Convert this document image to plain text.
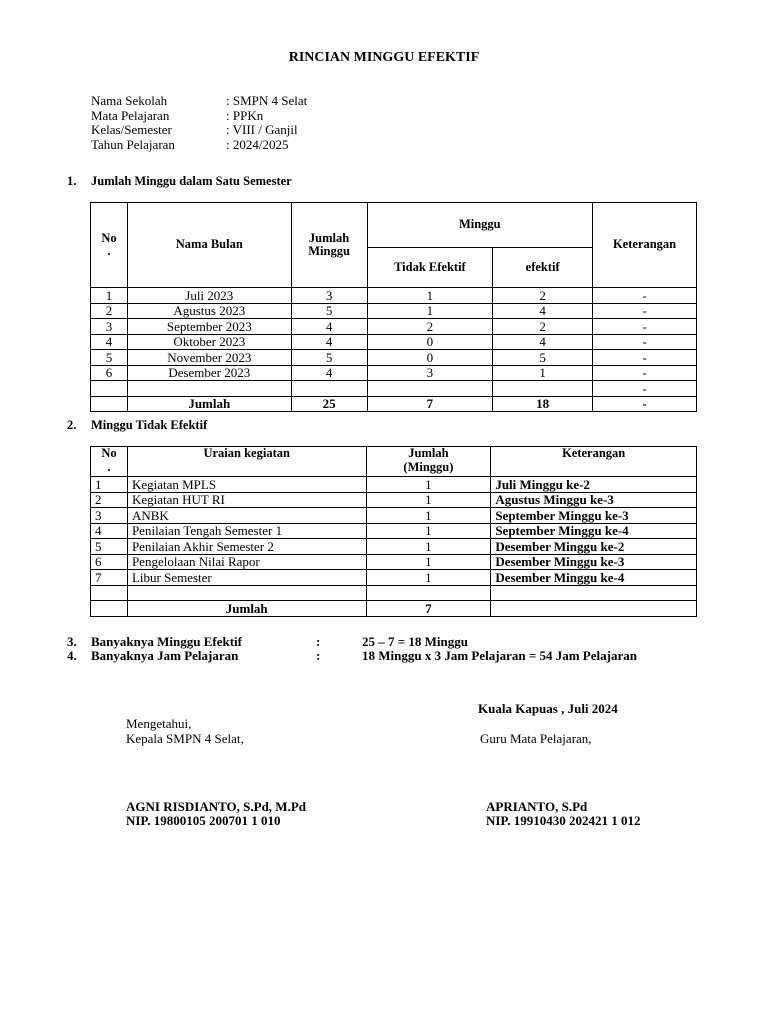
RINCIAN MINGGU EFEKTIF
Nama Sekolah	: SMPN 4 Selat
Mata Pelajaran	: PPKn
Kelas/Semester	: VIII / Ganjil
Tahun Pelajaran	: 2024/2025
1. Jumlah Minggu dalam Satu Semester
No
.	Nama Bulan	Jumlah Minggu	Minggu		Keterangan
			Tidak Efektif	efektif	
1	Juli 2023	3	1	2	-
2	Agustus 2023	5	1	4	-
3	September 2023	4	2	2	-
4	Oktober 2023	4	0	4	-
5	November 2023	5	0	5	-
6	Desember 2023	4	3	1	-
					-
	Jumlah	25	7	18	-
2. Minggu Tidak Efektif
No
.	Uraian kegiatan	Jumlah
(Minggu)	Keterangan
1	Kegiatan MPLS	1	Juli Minggu ke-2
2	Kegiatan HUT RI	1	Agustus Minggu ke-3
3	ANBK	1	September Minggu ke-3
4	Penilaian Tengah Semester 1	1	September Minggu ke-4
5	Penilaian Akhir Semester 2	1	Desember Minggu ke-2
6	Pengelolaan Nilai Rapor	1	Desember Minggu ke-3
7	Libur Semester	1	Desember Minggu ke-4

	Jumlah	7	
3. Banyaknya Minggu Efektif	:	25 – 7 = 18 Minggu
4. Banyaknya Jam Pelajaran	:	18 Minggu x 3 Jam Pelajaran = 54 Jam Pelajaran
Kuala Kapuas , Juli 2024
Mengetahui,
Kepala SMPN 4 Selat,	Guru Mata Pelajaran,
AGNI RISDIANTO, S.Pd, M.Pd
NIP. 19800105 200701 1 010
APRIANTO, S.Pd
NIP. 19910430 202421 1 012
